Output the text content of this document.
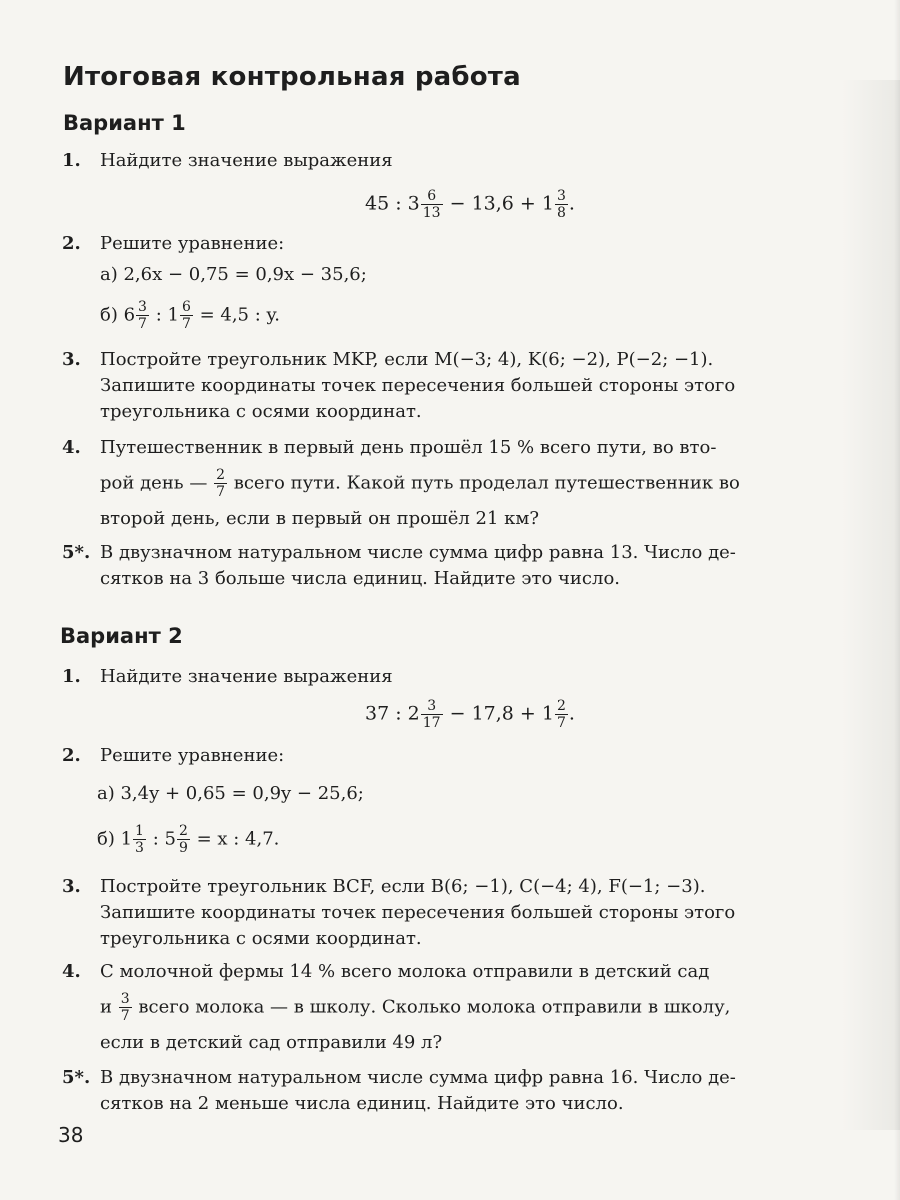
Итоговая контрольная работа
Вариант 1
1. Найдите значение выражения
45 : $3 \frac{6}{13} - 13,6 + 1 \frac{3}{8}$ .
2. Решите уравнение:
а) 2,6x − 0,75 = 0,9x − 35,6;
б) $6 \frac{3}{7}$ : $1 \frac{6}{7} = 4,5$ : y.
3. Постройте треугольник MKP, если M(−3; 4), K(6; −2), P(−2; −1).
Запишите координаты точек пересечения большей стороны этого
треугольника с осями координат.
4. Путешественник в первый день прошёл 15 % всего пути, во вто-
рой день — $\frac{2}{7}$ всего пути. Какой путь проделал путешественник во
второй день, если в первый он прошёл 21 км?
5*. В двузначном натуральном числе сумма цифр равна 13. Число де-
сятков на 3 больше числа единиц. Найдите это число.
Вариант 2
1. Найдите значение выражения
37 : $2 \frac{3}{17} - 17,8 + 1 \frac{2}{7}$ .
2. Решите уравнение:
а) 3,4y + 0,65 = 0,9y − 25,6;
б) $1 \frac{1}{3}$ : $5 \frac{2}{9} = x$ : 4,7.
3. Постройте треугольник BCF, если B(6; −1), C(−4; 4), F(−1; −3).
Запишите координаты точек пересечения большей стороны этого
треугольника с осями координат.
4. С молочной фермы 14 % всего молока отправили в детский сад
и $\frac{3}{7}$ всего молока — в школу. Сколько молока отправили в школу,
если в детский сад отправили 49 л?
5*. В двузначном натуральном числе сумма цифр равна 16. Число де-
сятков на 2 меньше числа единиц. Найдите это число.
38
